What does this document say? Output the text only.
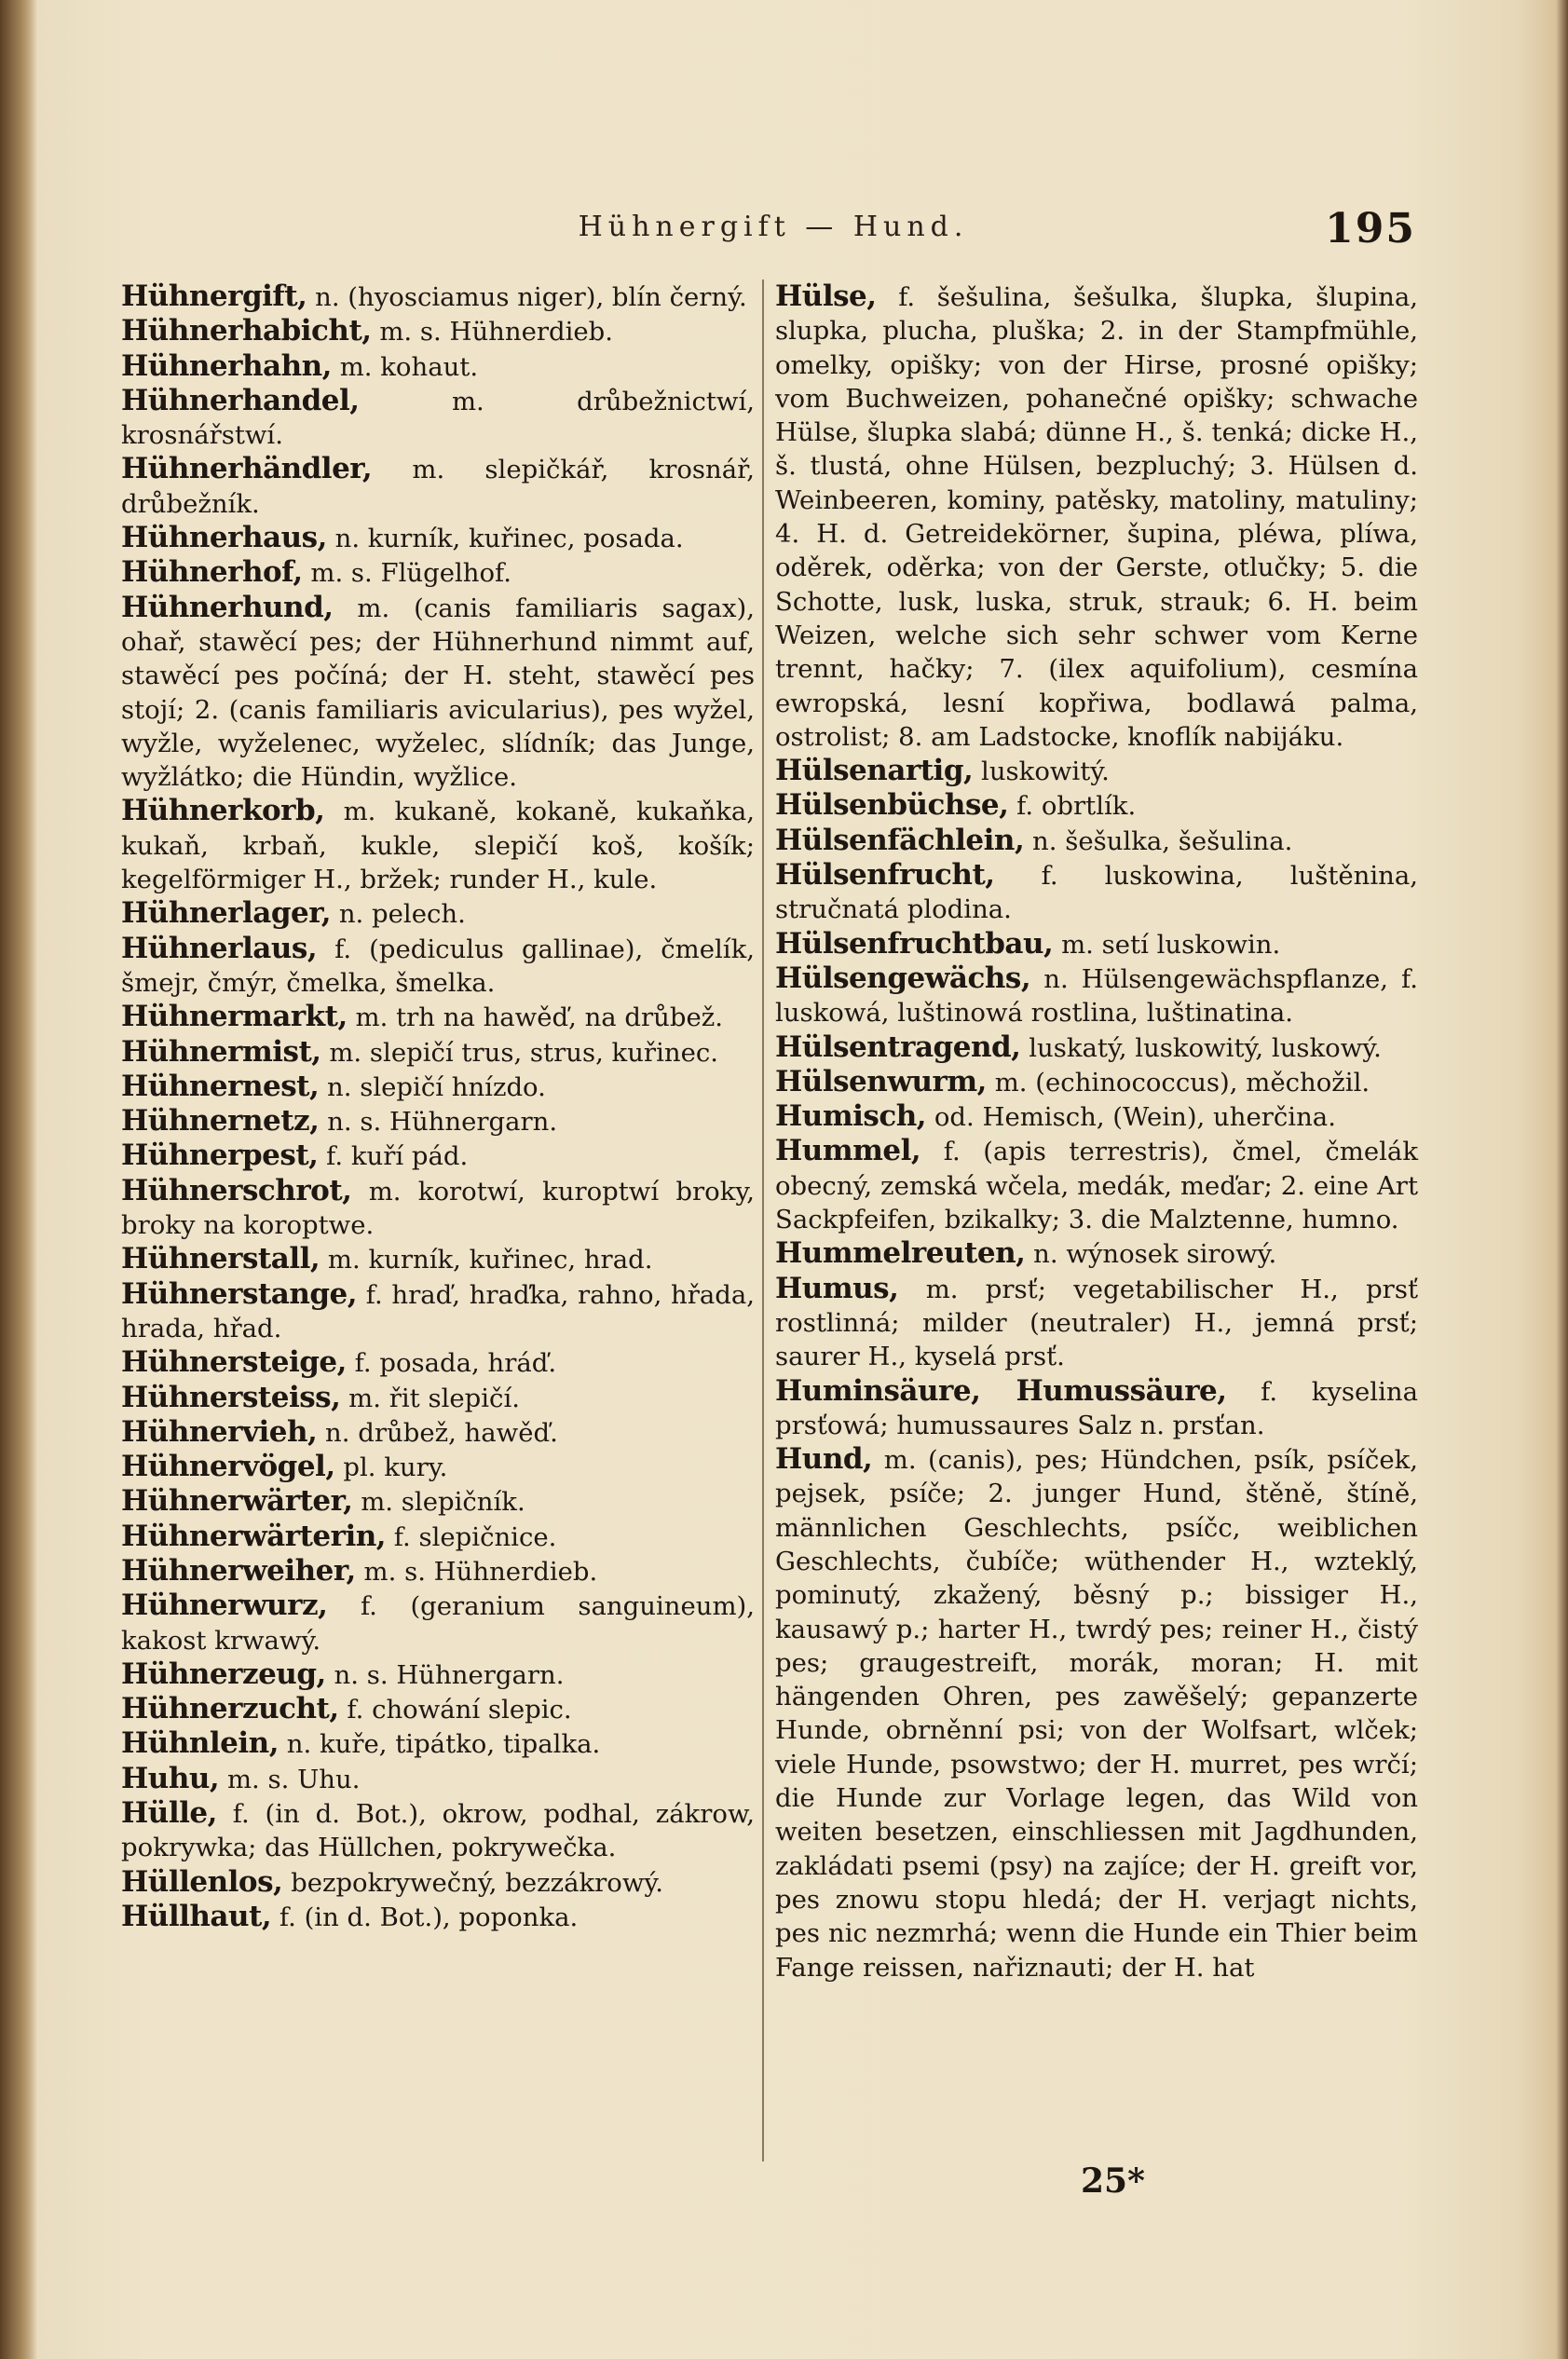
Hühnergift — Hund.	195

Hühnergift, n. (hyosciamus niger), blín černý.

Hühnerhabicht, m. s. Hühnerdieb.

Hühnerhahn, m. kohaut.

Hühnerhandel, m. drůbežnictwí, krosnářstwí.

Hühnerhändler, m. slepičkář, krosnář, drůbežník.

Hühnerhaus, n. kurník, kuřinec, posada.

Hühnerhof, m. s. Flügelhof.

Hühnerhund, m. (canis familiaris sagax), ohař, stawěcí pes; der Hühnerhund nimmt auf, stawěcí pes počíná; der H. steht, stawěcí pes stojí; 2. (canis familiaris avicularius), pes wyžel, wyžle, wyželenec, wyželec, slídník; das Junge, wyžlátko; die Hündin, wyžlice.

Hühnerkorb, m. kukaně, kokaně, kukaňka, kukaň, krbaň, kukle, slepičí koš, košík; kegelförmiger H., bržek; runder H., kule.

Hühnerlager, n. pelech.

Hühnerlaus, f. (pediculus gallinae), čmelík, šmejr, čmýr, čmelka, šmelka.

Hühnermarkt, m. trh na hawěď, na drůbež.

Hühnermist, m. slepičí trus, strus, kuřinec.

Hühnernest, n. slepičí hnízdo.

Hühnernetz, n. s. Hühnergarn.

Hühnerpest, f. kuří pád.

Hühnerschrot, m. korotwí, kuroptwí broky, broky na koroptwe.

Hühnerstall, m. kurník, kuřinec, hrad.

Hühnerstange, f. hraď, hraďka, rahno, hřada, hrada, hřad.

Hühnersteige, f. posada, hráď.

Hühnersteiss, m. řit slepičí.

Hühnervieh, n. drůbež, hawěď.

Hühnervögel, pl. kury.

Hühnerwärter, m. slepičník.

Hühnerwärterin, f. slepičnice.

Hühnerweiher, m. s. Hühnerdieb.

Hühnerwurz, f. (geranium sanguineum), kakost krwawý.

Hühnerzeug, n. s. Hühnergarn.

Hühnerzucht, f. chowání slepic.

Hühnlein, n. kuře, tipátko, tipalka.

Huhu, m. s. Uhu.

Hülle, f. (in d. Bot.), okrow, podhal, zákrow, pokrywka; das Hüllchen, pokrywečka.

Hüllenlos, bezpokrywečný, bezzákrowý.

Hüllhaut, f. (in d. Bot.), poponka.

Hülse, f. šešulina, šešulka, šlupka, šlupina, slupka, plucha, pluška; 2. in der Stampfmühle, omelky, opišky; von der Hirse, prosné opišky; vom Buchweizen, pohanečné opišky; schwache Hülse, šlupka slabá; dünne H., š. tenká; dicke H., š. tlustá, ohne Hülsen, bezpluchý; 3. Hülsen d. Weinbeeren, kominy, patěsky, matoliny, matuliny; 4. H. d. Getreidekörner, šupina, pléwa, plíwa, oděrek, oděrka; von der Gerste, otlučky; 5. die Schotte, lusk, luska, struk, strauk; 6. H. beim Weizen, welche sich sehr schwer vom Kerne trennt, hačky; 7. (ilex aquifolium), cesmína ewropská, lesní kopřiwa, bodlawá palma, ostrolist; 8. am Ladstocke, knoflík nabijáku.

Hülsenartig, luskowitý.

Hülsenbüchse, f. obrtlík.

Hülsenfächlein, n. šešulka, šešulina.

Hülsenfrucht, f. luskowina, luštěnina, stručnatá plodina.

Hülsenfruchtbau, m. setí luskowin.

Hülsengewächs, n. Hülsengewächspflanze, f. luskowá, luštinowá rostlina, luštinatina.

Hülsentragend, luskatý, luskowitý, luskowý.

Hülsenwurm, m. (echinococcus), měchožil.

Humisch, od. Hemisch, (Wein), uherčina.

Hummel, f. (apis terrestris), čmel, čmelák obecný, zemská wčela, medák, meďar; 2. eine Art Sackpfeifen, bzikalky; 3. die Malztenne, humno.

Hummelreuten, n. wýnosek sirowý.

Humus, m. prsť; vegetabilischer H., prsť rostlinná; milder (neutraler) H., jemná prsť; saurer H., kyselá prsť.

Huminsäure, Humussäure, f. kyselina prsťowá; humussaures Salz n. prsťan.

Hund, m. (canis), pes; Hündchen, psík, psíček, pejsek, psíče; 2. junger Hund, štěně, štíně, männlichen Geschlechts, psíčc, weiblichen Geschlechts, čubíče; wüthender H., wzteklý, pominutý, zkažený, běsný p.; bissiger H., kausawý p.; harter H., twrdý pes; reiner H., čistý pes; graugestreift, morák, moran; H. mit hängenden Ohren, pes zawěšelý; gepanzerte Hunde, obrněnní psi; von der Wolfsart, wlček; viele Hunde, psowstwo; der H. murret, pes wrčí; die Hunde zur Vorlage legen, das Wild von weiten besetzen, einschliessen mit Jagdhunden, zakládati psemi (psy) na zajíce; der H. greift vor, pes znowu stopu hledá; der H. verjagt nichts, pes nic nezmrhá; wenn die Hunde ein Thier beim Fange reissen, nařiznauti; der H. hat

25*
